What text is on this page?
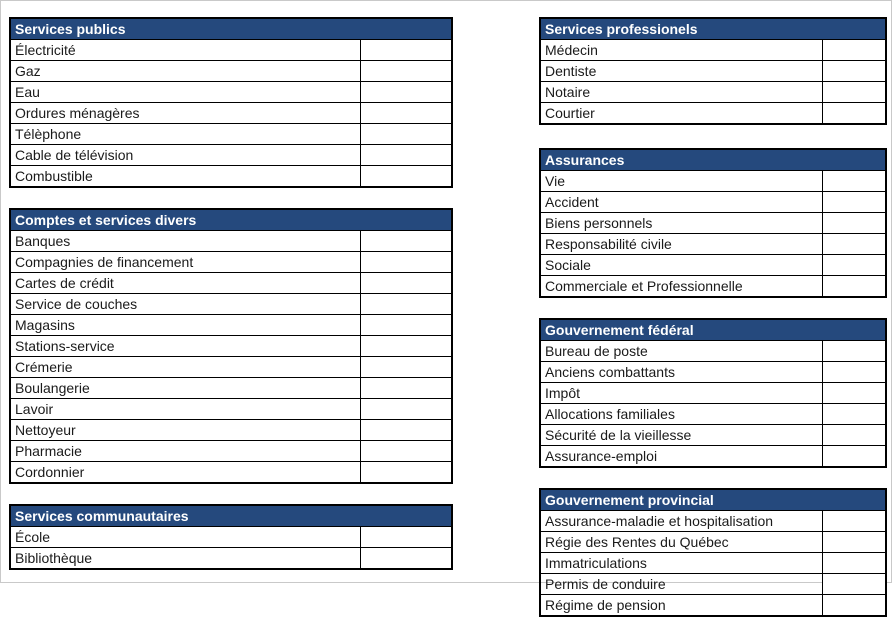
Services publics	
Électricité	
Gaz	
Eau	
Ordures ménagères	
Télèphone	
Cable de télévision	
Combustible	
Comptes et services divers	
Banques	
Compagnies de financement	
Cartes de crédit	
Service de couches	
Magasins	
Stations-service	
Crémerie	
Boulangerie	
Lavoir	
Nettoyeur	
Pharmacie	
Cordonnier	
Services communautaires	
École	
Bibliothèque	
Services professionels	
Médecin	
Dentiste	
Notaire	
Courtier	
Assurances	
Vie	
Accident	
Biens personnels	
Responsabilité civile	
Sociale	
Commerciale et Professionnelle	
Gouvernement fédéral	
Bureau de poste	
Anciens combattants	
Impôt	
Allocations familiales	
Sécurité de la vieillesse	
Assurance-emploi	
Gouvernement provincial	
Assurance-maladie et hospitalisation	
Régie des Rentes du Québec	
Immatriculations	
Permis de conduire	
Régime de pension	
